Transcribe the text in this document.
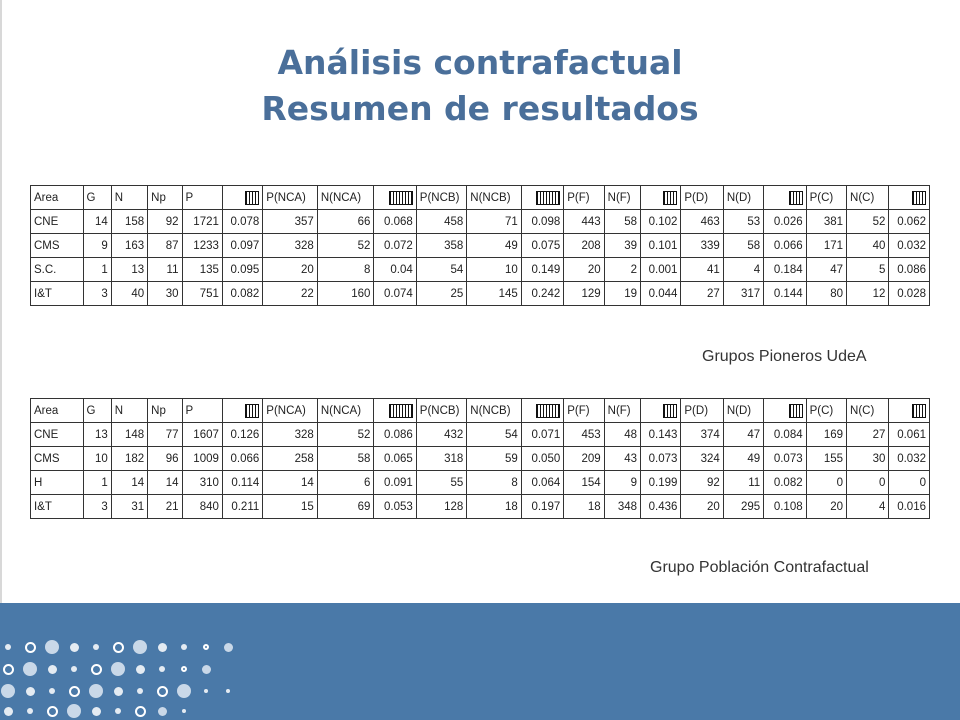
Análisis contrafactual
Resumen de resultados
Area	G	N	Np	P		P(NCA)	N(NCA)		P(NCB)	N(NCB)		P(F)	N(F)		P(D)	N(D)		P(C)	N(C)	
CNE	14	158	92	1721	0.078	357	66	0.068	458	71	0.098	443	58	0.102	463	53	0.026	381	52	0.062
CMS	9	163	87	1233	0.097	328	52	0.072	358	49	0.075	208	39	0.101	339	58	0.066	171	40	0.032
S.C.	1	13	11	135	0.095	20	8	0.04	54	10	0.149	20	2	0.001	41	4	0.184	47	5	0.086
I&T	3	40	30	751	0.082	22	160	0.074	25	145	0.242	129	19	0.044	27	317	0.144	80	12	0.028
Grupos Pioneros UdeA
Area	G	N	Np	P		P(NCA)	N(NCA)		P(NCB)	N(NCB)		P(F)	N(F)		P(D)	N(D)		P(C)	N(C)	
CNE	13	148	77	1607	0.126	328	52	0.086	432	54	0.071	453	48	0.143	374	47	0.084	169	27	0.061
CMS	10	182	96	1009	0.066	258	58	0.065	318	59	0.050	209	43	0.073	324	49	0.073	155	30	0.032
H	1	14	14	310	0.114	14	6	0.091	55	8	0.064	154	9	0.199	92	11	0.082	0	0	0
I&T	3	31	21	840	0.211	15	69	0.053	128	18	0.197	18	348	0.436	20	295	0.108	20	4	0.016
Grupo Población Contrafactual
